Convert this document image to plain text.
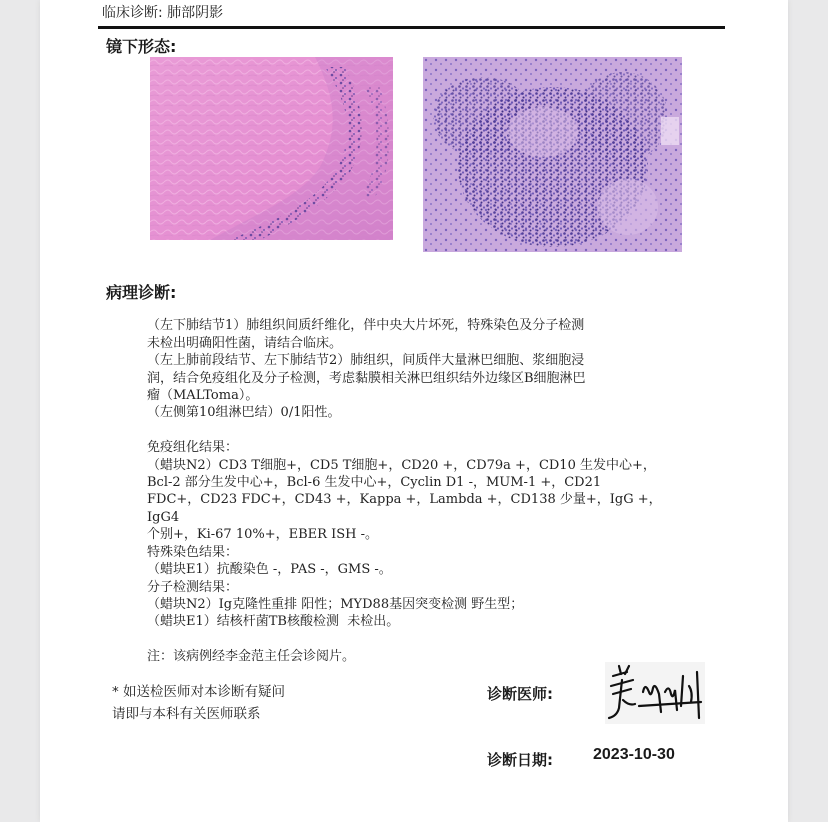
临床诊断: 肺部阴影
镜下形态:
病理诊断:

（左下肺结节1）肺组织间质纤维化，伴中央大片坏死，特殊染色及分子检测
未检出明确阳性菌，请结合临床。
（左上肺前段结节、左下肺结节2）肺组织，间质伴大量淋巴细胞、浆细胞浸
润，结合免疫组化及分子检测，考虑黏膜相关淋巴组织结外边缘区B细胞淋巴
瘤（MALToma）。
（左侧第10组淋巴结）0/1阳性。

免疫组化结果：
（蜡块N2）CD3 T细胞+，CD5 T细胞+，CD20 +，CD79a +，CD10 生发中心+，
Bcl-2 部分生发中心+，Bcl-6 生发中心+，Cyclin D1 -，MUM-1 +，CD21
FDC+，CD23 FDC+，CD43 +，Kappa +，Lambda +，CD138 少量+，IgG +，IgG4
个别+，Ki-67 10%+，EBER ISH -。
特殊染色结果：
（蜡块E1）抗酸染色 -，PAS -，GMS -。
分子检测结果：
（蜡块N2）Ig克隆性重排 阳性；MYD88基因突变检测 野生型；
（蜡块E1）结核杆菌TB核酸检测  未检出。

注：该病例经李金范主任会诊阅片。

* 如送检医师对本诊断有疑问
请即与本科有关医师联系
诊断医师:
诊断日期:	2023-10-30
